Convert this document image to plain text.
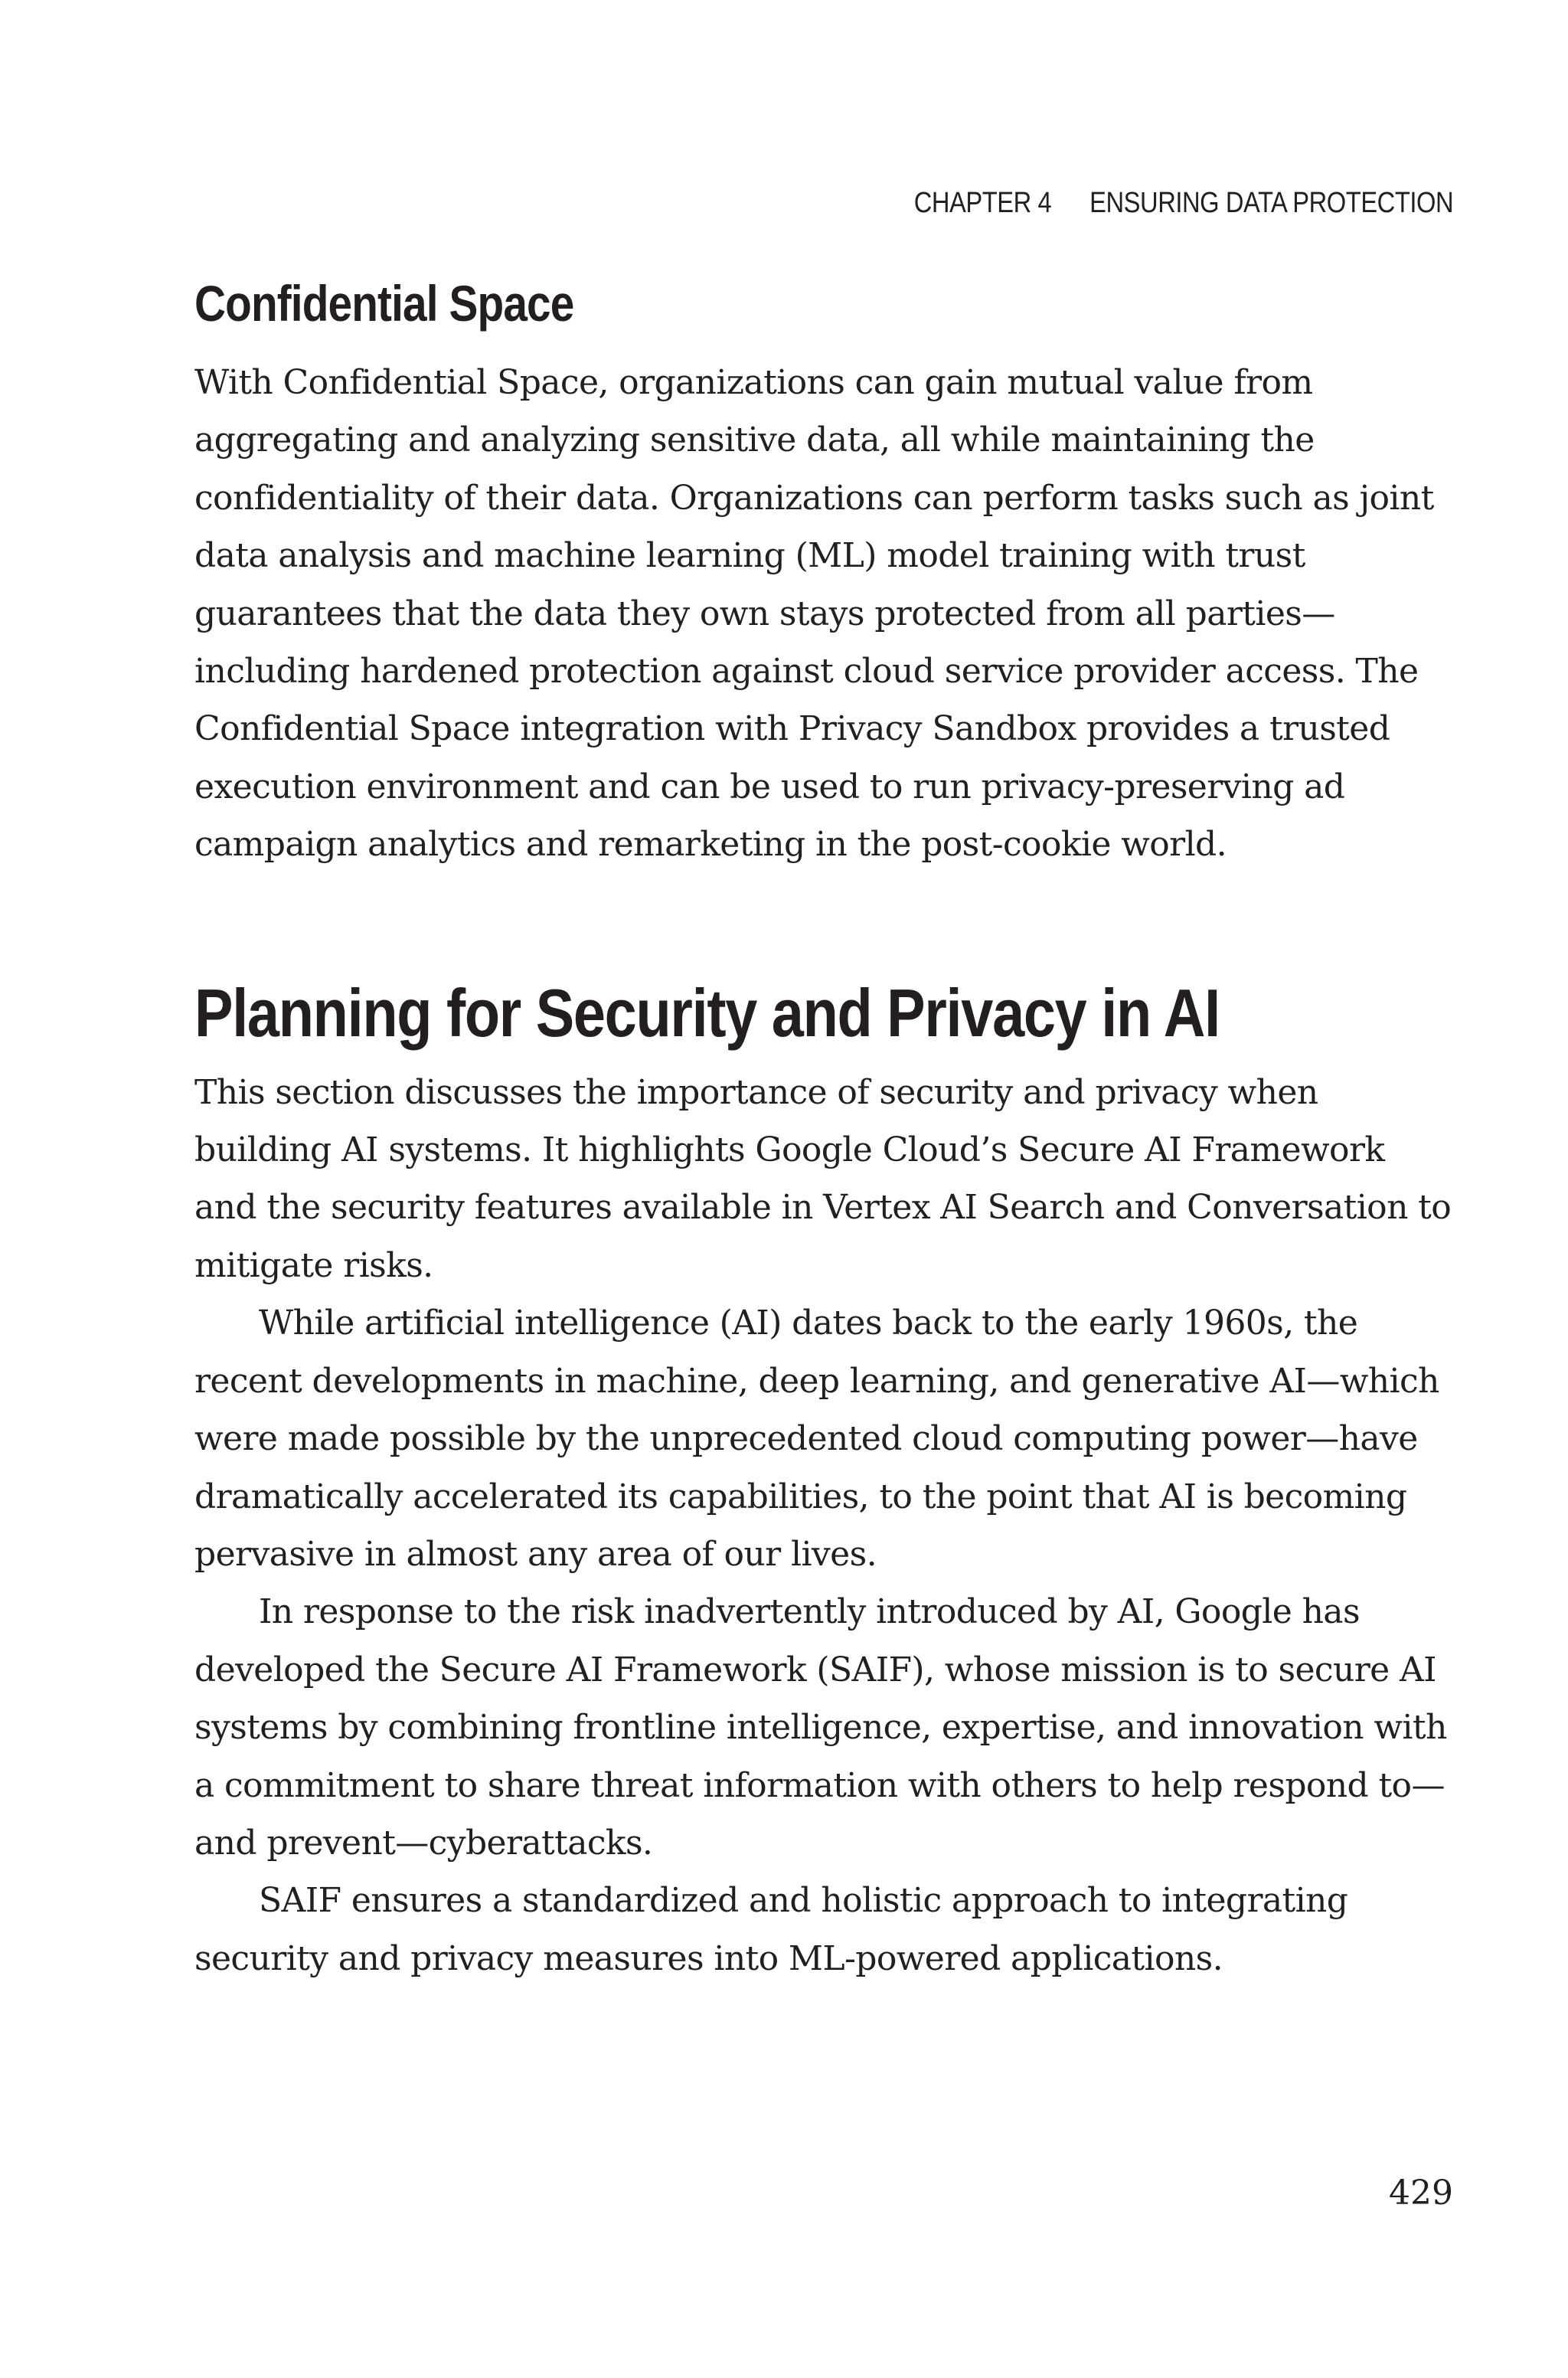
CHAPTER 4 ENSURING DATA PROTECTION
Confidential Space

With Confidential Space, organizations can gain mutual value from aggregating and analyzing sensitive data, all while maintaining the confidentiality of their data. Organizations can perform tasks such as joint data analysis and machine learning (ML) model training with trust guarantees that the data they own stays protected from all parties—including hardened protection against cloud service provider access. The Confidential Space integration with Privacy Sandbox provides a trusted execution environment and can be used to run privacy-preserving ad campaign analytics and remarketing in the post-cookie world.

Planning for Security and Privacy in AI

This section discusses the importance of security and privacy when building AI systems. It highlights Google Cloud’s Secure AI Framework and the security features available in Vertex AI Search and Conversation to mitigate risks.

While artificial intelligence (AI) dates back to the early 1960s, the recent developments in machine, deep learning, and generative AI—which were made possible by the unprecedented cloud computing power—have dramatically accelerated its capabilities, to the point that AI is becoming pervasive in almost any area of our lives.

In response to the risk inadvertently introduced by AI, Google has developed the Secure AI Framework (SAIF), whose mission is to secure AI systems by combining frontline intelligence, expertise, and innovation with a commitment to share threat information with others to help respond to—and prevent—cyberattacks.

SAIF ensures a standardized and holistic approach to integrating security and privacy measures into ML-powered applications.

429
